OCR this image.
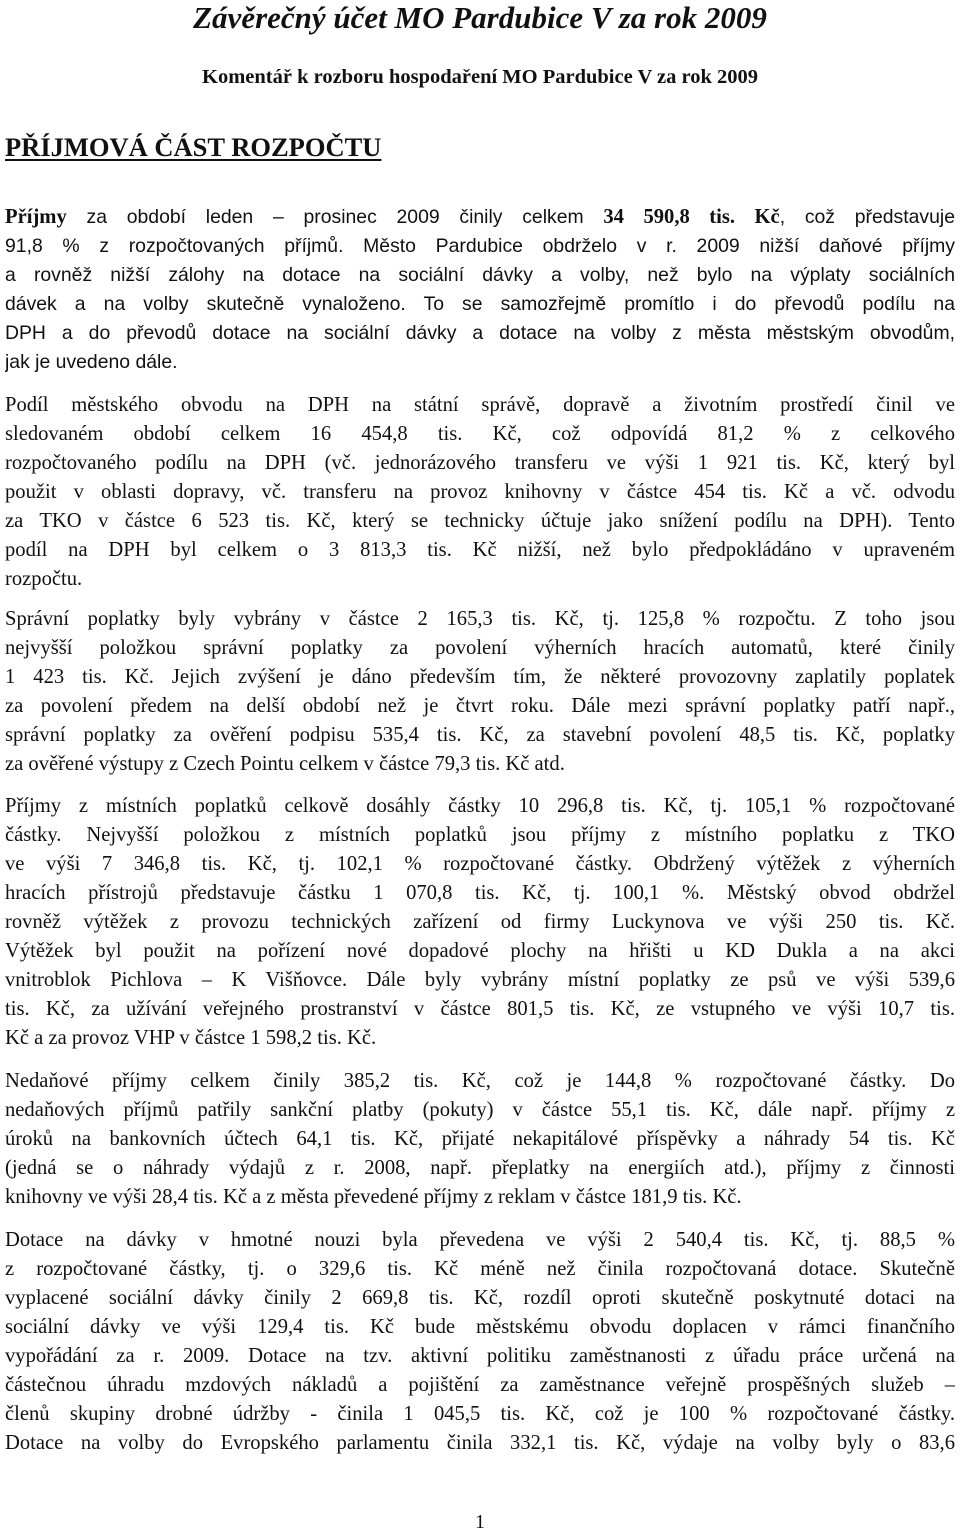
Závěrečný účet MO Pardubice V za rok 2009
Komentář k rozboru hospodaření MO Pardubice V za rok 2009
PŘÍJMOVÁ ČÁST ROZPOČTU
Příjmy za období leden – prosinec 2009 činily celkem 34 590,8 tis. Kč, což představuje
91,8 % z rozpočtovaných příjmů. Město Pardubice obdrželo v r. 2009 nižší daňové příjmy
a rovněž nižší zálohy na dotace na sociální dávky a volby, než bylo na výplaty sociálních
dávek a na volby skutečně vynaloženo. To se samozřejmě promítlo i do převodů podílu na
DPH a do převodů dotace na sociální dávky a dotace na volby z města městským obvodům,
jak je uvedeno dále.
Podíl městského obvodu na DPH na státní správě, dopravě a životním prostředí činil ve
sledovaném období celkem 16 454,8 tis. Kč, což odpovídá 81,2 % z celkového
rozpočtovaného podílu na DPH (vč. jednorázového transferu ve výši 1 921 tis. Kč, který byl
použit v oblasti dopravy, vč. transferu na provoz knihovny v částce 454 tis. Kč a vč. odvodu
za TKO v částce 6 523 tis. Kč, který se technicky účtuje jako snížení podílu na DPH). Tento
podíl na DPH byl celkem o 3 813,3 tis. Kč nižší, než bylo předpokládáno v upraveném
rozpočtu.
Správní poplatky byly vybrány v částce 2 165,3 tis. Kč, tj. 125,8 % rozpočtu. Z toho jsou
nejvyšší položkou správní poplatky za povolení výherních hracích automatů, které činily
1 423 tis. Kč. Jejich zvýšení je dáno především tím, že některé provozovny zaplatily poplatek
za povolení předem na delší období než je čtvrt roku. Dále mezi správní poplatky patří např.,
správní poplatky za ověření podpisu 535,4 tis. Kč, za stavební povolení 48,5 tis. Kč, poplatky
za ověřené výstupy z Czech Pointu celkem v částce 79,3 tis. Kč atd.
Příjmy z místních poplatků celkově dosáhly částky 10 296,8 tis. Kč, tj. 105,1 % rozpočtované
částky. Nejvyšší položkou z místních poplatků jsou příjmy z místního poplatku z TKO
ve výši 7 346,8 tis. Kč, tj. 102,1 % rozpočtované částky. Obdržený výtěžek z výherních
hracích přístrojů představuje částku 1 070,8 tis. Kč, tj. 100,1 %. Městský obvod obdržel
rovněž výtěžek z provozu technických zařízení od firmy Luckynova ve výši 250 tis. Kč.
Výtěžek byl použit na pořízení nové dopadové plochy na hřišti u KD Dukla a na akci
vnitroblok Pichlova – K Višňovce. Dále byly vybrány místní poplatky ze psů ve výši 539,6
tis. Kč, za užívání veřejného prostranství v částce 801,5 tis. Kč, ze vstupného ve výši 10,7 tis.
Kč a za provoz VHP v částce 1 598,2 tis. Kč.
Nedaňové příjmy celkem činily 385,2 tis. Kč, což je 144,8 % rozpočtované částky. Do
nedaňových příjmů patřily sankční platby (pokuty) v částce 55,1 tis. Kč, dále např. příjmy z
úroků na bankovních účtech 64,1 tis. Kč, přijaté nekapitálové příspěvky a náhrady 54 tis. Kč
(jedná se o náhrady výdajů z r. 2008, např. přeplatky na energiích atd.), příjmy z činnosti
knihovny ve výši 28,4 tis. Kč a z města převedené příjmy z reklam v částce 181,9 tis. Kč.
Dotace na dávky v hmotné nouzi byla převedena ve výši 2 540,4 tis. Kč, tj. 88,5 %
z rozpočtované částky, tj. o 329,6 tis. Kč méně než činila rozpočtovaná dotace. Skutečně
vyplacené sociální dávky činily 2 669,8 tis. Kč, rozdíl oproti skutečně poskytnuté dotaci na
sociální dávky ve výši 129,4 tis. Kč bude městskému obvodu doplacen v rámci finančního
vypořádání za r. 2009. Dotace na tzv. aktivní politiku zaměstnanosti z úřadu práce určená na
částečnou úhradu mzdových nákladů a pojištění za zaměstnance veřejně prospěšných služeb –
členů skupiny drobné údržby - činila 1 045,5 tis. Kč, což je 100 % rozpočtované částky.
Dotace na volby do Evropského parlamentu činila 332,1 tis. Kč, výdaje na volby byly o 83,6
1
